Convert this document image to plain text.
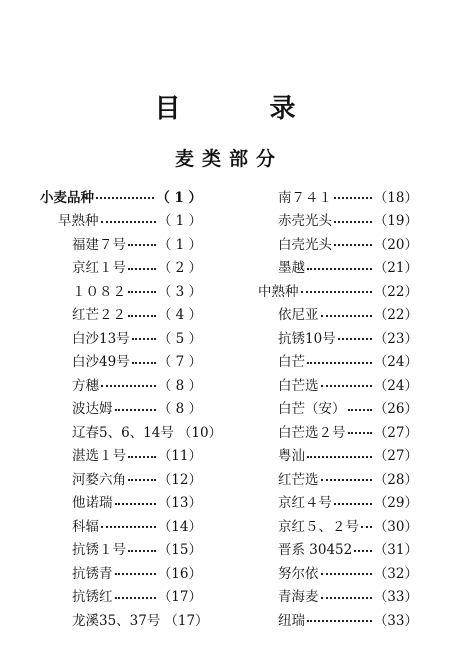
目 录
麦类部分
小麦品种	（ 1 ）
早熟种	（ 1 ）
福建７号 （ 1 ）
京红１号 （ 2 ）
１０８２ （ 3 ）
红芒２２ （ 4 ）
白沙13号 （ 5 ）
白沙49号 （ 7 ）
方穗	（ 8 ）
波达姆	（ 8 ）
辽春5、6、14号 （10）
湛选１号 （11）
河婺六角 （12）
他诺瑞	（13）
科辐	（14）
抗锈１号 （15）
抗锈青	（16）
抗锈红	（17）
龙溪35、37号 （17）
南７４１	（18）
赤壳光头	（19）
白壳光头	（20）
墨越	（21）
中熟种	（22）
依尼亚	（22）
抗锈10号	（23）
白芒	（24）
白芒选	（24）
白芒（安） （26）
白芒选２号 （27）
粤汕	（27）
红芒选	（28）
京红４号	（29）
京红５、２号 （30）
晋系 30452 （31）
努尔依	（32）
青海麦	（33）
纽瑞	（33）
